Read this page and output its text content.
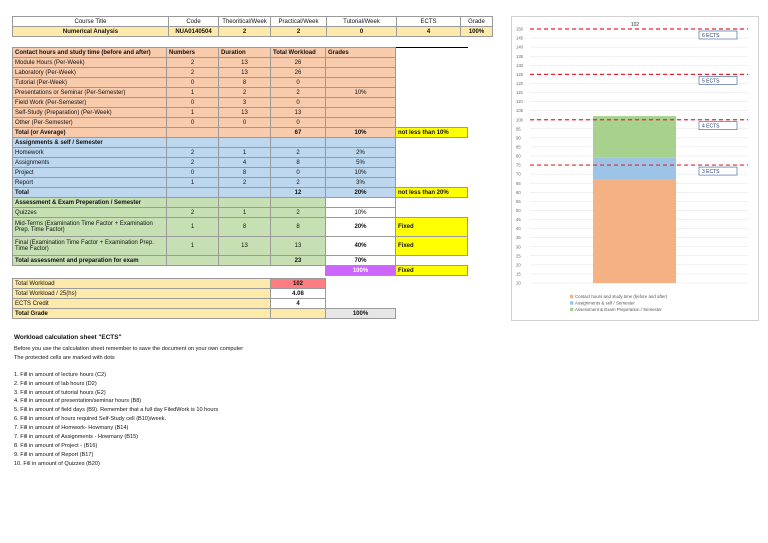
Course Title	Code	Theoritical/Week	Practical/Week	Tutorial/Week	ECTS	Grade
Numerical Analysis	NUA0140504	2	2	0	4	100%
Contact hours and study time (before and after)	Numbers	Duration	Total Workload	Grades	
Module Hours (Per-Week)	2	13	26		
Laboratory (Per-Week)	2	13	26		
Tutorial (Per-Week)	0	8	0		
Presentations or Seminar (Per-Semester)	1	2	2	10%	
Field Work (Per-Semester)	0	3	0		
Self-Study (Preparation) (Per-Week)	1	13	13		
Other (Per-Semester)	0	0	0		
Total (or Average)			67	10%	not less than 10%
Assignments & self / Semester					
Homework	2	1	2	2%	
Assignments	2	4	8	5%	
Project	0	8	0	10%	
Report	1	2	2	3%	
Total			12	20%	not less than 20%
Assessment & Exam Preperation / Semester					
Quizzes	2	1	2	10%	
Mid-Terms (Examination Time Factor + Examination Prep. Time Factor)	1	8	8	20%	Fixed
Final (Examination Time Factor + Examination Prep. Time Factor)	1	13	13	40%	Fixed
Total assessment and preparation for exam			23	70%	
				100%	Fixed
Total Workload	102	
Total Workload / 25(hs)	4.08	
ECTS Credit	4	
Total Grade		100%
Workload calculation sheet "ECTS"
Before you use the calculation sheet remember to save the document on your own computer
The protected cells are marked with dots
1. Fill in amount of lecture hours (C2)
2. Fill in amount of lab hours (D2)
3. Fill in amount of tutorial hours (E2)
4. Fill in amount of presentation/seminar hours (B8)
5. Fill in amount of field days (B9). Remember that a full day FiledWork is 10 hours
6. Fill in amount of hours required Self-Study cell (B10)/week.
7. Fill in amount of Homwork- Howmany (B14)
7. Fill in amount of Assignments - Howmany (B15)
8. Fill in amount of Project - (B16)
9. Fill in amount of Report (B17)
10. Fill in amount of Quizzes (B20)
102
10
15
20
25
30
35
40
45
50
55
60
65
70
75
80
85
90
95
100
105
110
115
120
125
130
135
140
145
150
3 ECTS
4 ECTS
5 ECTS
6 ECTS
Contact hours and study time (before and after)
Assignments & self / Semester
Assessment & Exam Preperation / Semester
